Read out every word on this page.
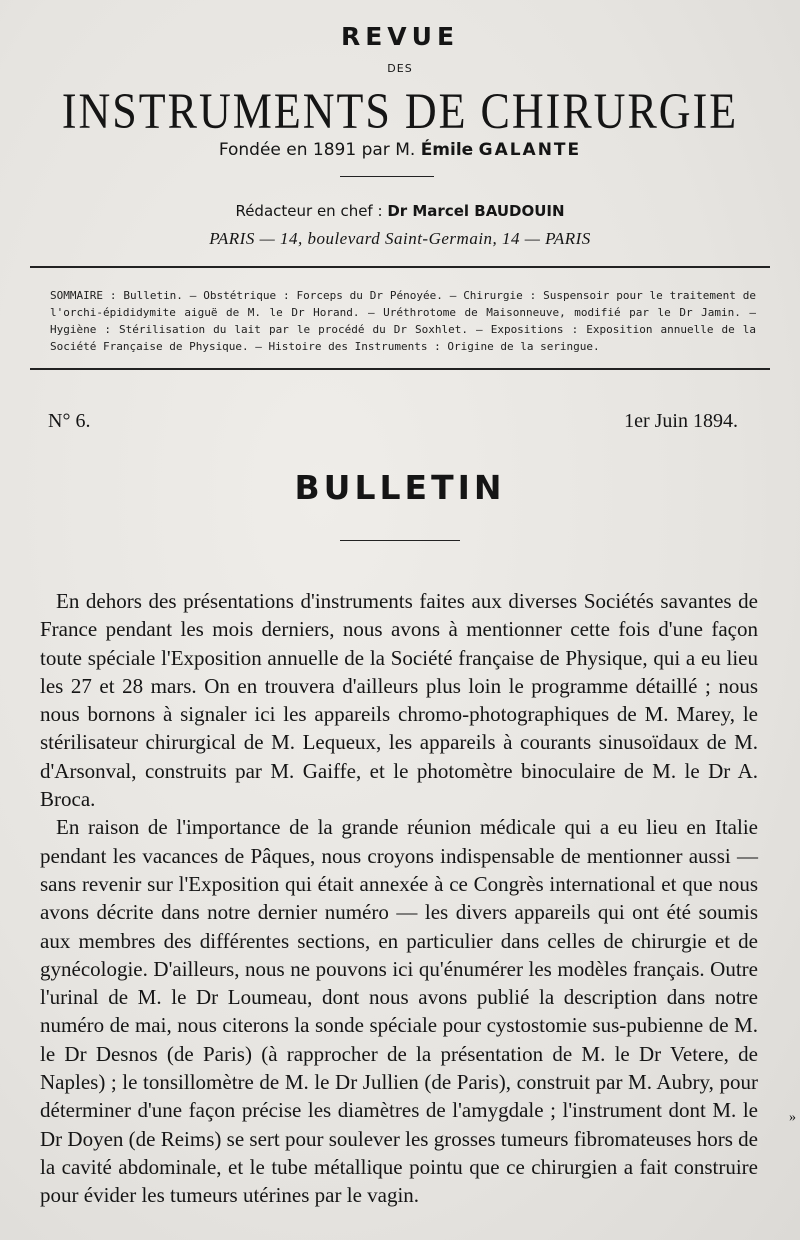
REVUE
DES
INSTRUMENTS DE CHIRURGIE
Fondée en 1891 par M. Émile GALANTE
Rédacteur en chef : Dr Marcel BAUDOUIN
PARIS — 14, boulevard Saint-Germain, 14 — PARIS
SOMMAIRE : Bulletin. — Obstétrique : Forceps du Dr Pénoyée. — Chirurgie : Suspensoir pour le traitement de l'orchi-épididymite aiguë de M. le Dr Horand. — Uréthrotome de Maisonneuve, modifié par le Dr Jamin. — Hygiène : Stérilisation du lait par le procédé du Dr Soxhlet. — Expositions : Exposition annuelle de la Société Française de Physique. — Histoire des Instruments : Origine de la seringue.
N° 6.	1er Juin 1894.
BULLETIN

En dehors des présentations d'instruments faites aux diverses Sociétés savantes de France pendant les mois derniers, nous avons à mentionner cette fois d'une façon toute spéciale l'Exposition annuelle de la Société française de Physique, qui a eu lieu les 27 et 28 mars. On en trouvera d'ailleurs plus loin le programme détaillé ; nous nous bornons à signaler ici les appareils chromo-photographiques de M. Marey, le stérilisateur chirurgical de M. Lequeux, les appareils à courants sinusoïdaux de M. d'Arsonval, construits par M. Gaiffe, et le photomètre binoculaire de M. le Dr A. Broca.

En raison de l'importance de la grande réunion médicale qui a eu lieu en Italie pendant les vacances de Pâques, nous croyons indispensable de mentionner aussi — sans revenir sur l'Exposition qui était annexée à ce Congrès international et que nous avons décrite dans notre dernier numéro — les divers appareils qui ont été soumis aux membres des différentes sections, en particulier dans celles de chirurgie et de gynécologie. D'ailleurs, nous ne pouvons ici qu'énumérer les modèles français. Outre l'urinal de M. le Dr Loumeau, dont nous avons publié la description dans notre numéro de mai, nous citerons la sonde spéciale pour cystostomie sus-pubienne de M. le Dr Desnos (de Paris) (à rapprocher de la présentation de M. le Dr Vetere, de Naples) ; le tonsillomètre de M. le Dr Jullien (de Paris), construit par M. Aubry, pour déterminer d'une façon précise les diamètres de l'amygdale ; l'instrument dont M. le Dr Doyen (de Reims) se sert pour soulever les grosses tumeurs fibromateuses hors de la cavité abdominale, et le tube métallique pointu que ce chirurgien a fait construire pour évider les tumeurs utérines par le vagin.

»
